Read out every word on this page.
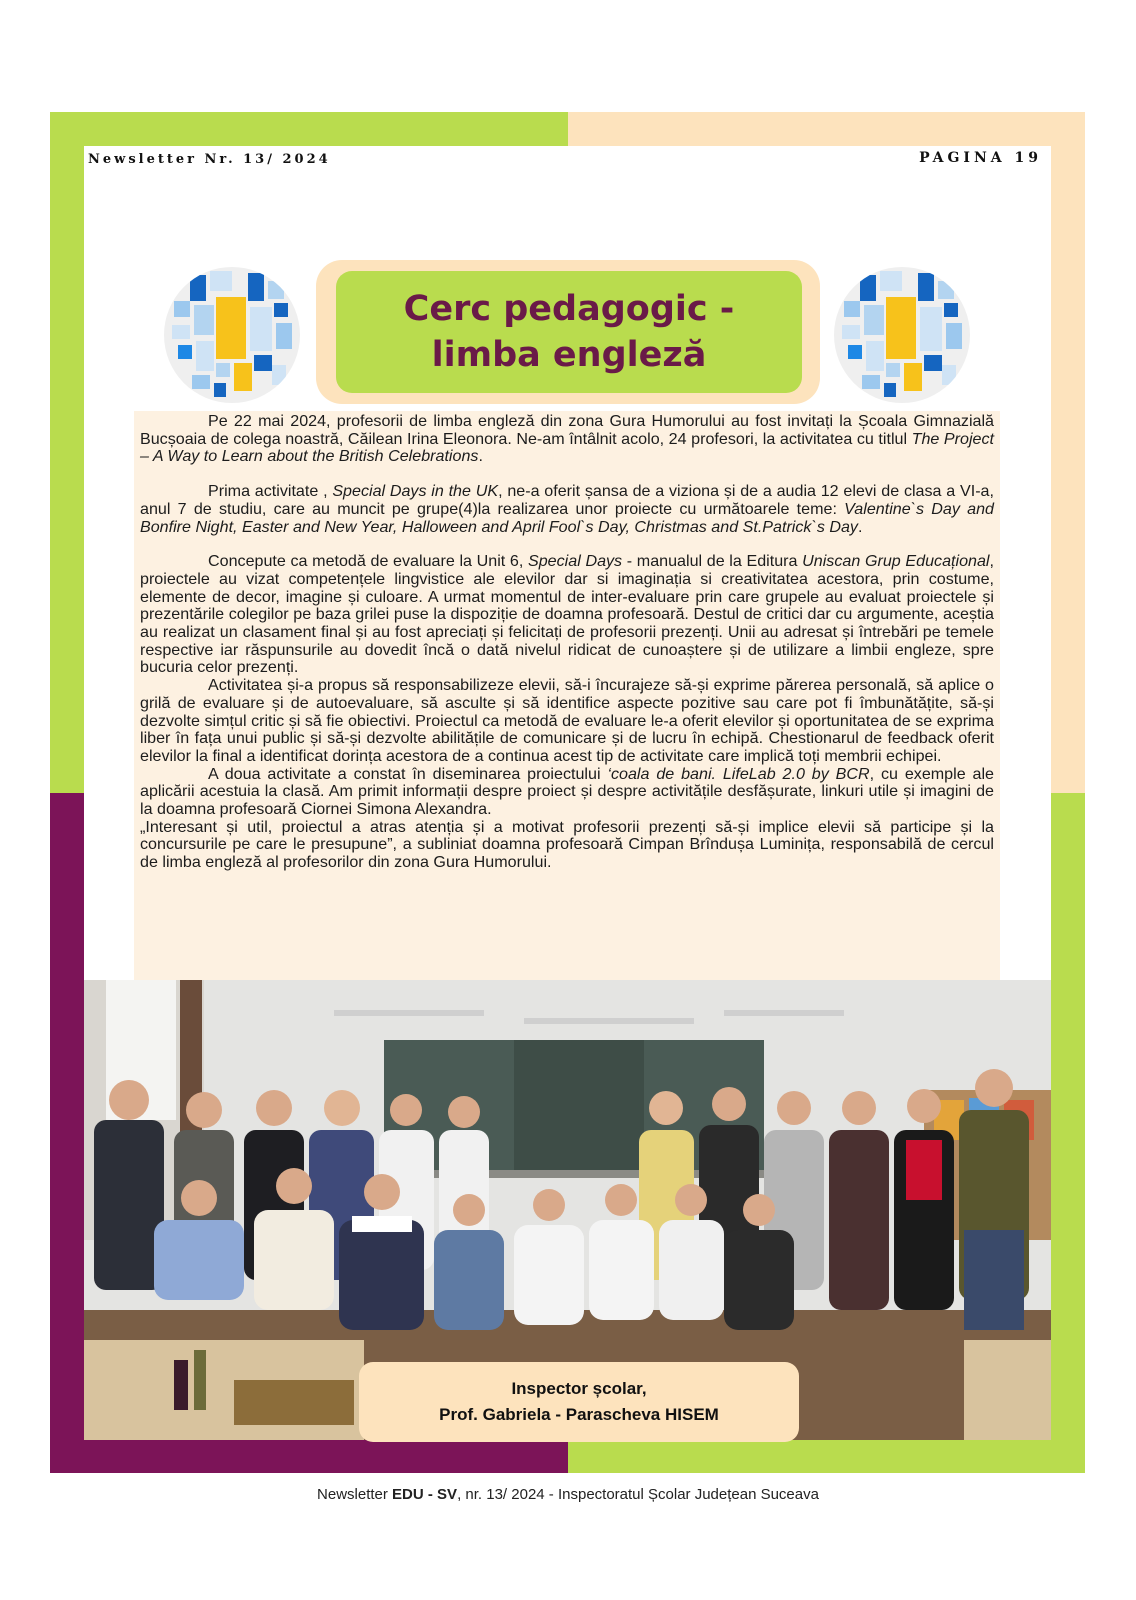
Newsletter Nr. 13/ 2024	PAGINA 19
Cerc pedagogic -
limba engleză

Pe 22 mai 2024, profesorii de limba engleză din zona Gura Humorului au fost invitați la Școala Gimnazială Bucșoaia de colega noastră, Căilean Irina Eleonora. Ne-am întâlnit acolo, 24 profesori, la activitatea cu titlul The Project – A Way to Learn about the British Celebrations.

Prima activitate , Special Days in the UK, ne-a oferit șansa de a viziona și de a audia 12 elevi de clasa a VI-a, anul 7 de studiu, care au muncit pe grupe(4)la realizarea unor proiecte cu următoarele teme: Valentine`s Day and Bonfire Night, Easter and New Year, Halloween and April Fool`s Day, Christmas and St.Patrick`s Day.

Concepute ca metodă de evaluare la Unit 6, Special Days - manualul de la Editura Uniscan Grup Educațional, proiectele au vizat competențele lingvistice ale elevilor dar si imaginația si creativitatea acestora, prin costume, elemente de decor, imagine și culoare. A urmat momentul de inter-evaluare prin care grupele au evaluat proiectele și prezentările colegilor pe baza grilei puse la dispoziție de doamna profesoară. Destul de critici dar cu argumente, aceștia au realizat un clasament final și au fost apreciați și felicitați de profesorii prezenți. Unii au adresat și întrebări pe temele respective iar răspunsurile au dovedit încă o dată nivelul ridicat de cunoaștere și de utilizare a limbii engleze, spre bucuria celor prezenți.

Activitatea și-a propus să responsabilizeze elevii, să-i încurajeze să-și exprime părerea personală, să aplice o grilă de evaluare și de autoevaluare, să asculte și să identifice aspecte pozitive sau care pot fi îmbunătățite, să-și dezvolte simțul critic și să fie obiectivi. Proiectul ca metodă de evaluare le-a oferit elevilor și oportunitatea de se exprima liber în fața unui public și să-și dezvolte abilitățile de comunicare și de lucru în echipă. Chestionarul de feedback oferit elevilor la final a identificat dorința acestora de a continua acest tip de activitate care implică toți membrii echipei.

A doua activitate a constat în diseminarea proiectului ‘coala de bani. LifeLab 2.0 by BCR, cu exemple ale aplicării acestuia la clasă. Am primit informații despre proiect și despre activitățile desfășurate, linkuri utile și imagini de la doamna profesoară Ciornei Simona Alexandra.

„Interesant și util, proiectul a atras atenția și a motivat profesorii prezenți să-și implice elevii să participe și la concursurile pe care le presupune”, a subliniat doamna profesoară Cimpan Brîndușa Luminița, responsabilă de cercul de limba engleză al profesorilor din zona Gura Humorului.

Inspector școlar,
Prof. Gabriela - Parascheva HISEM
Newsletter EDU - SV, nr. 13/ 2024 - Inspectoratul Școlar Județean Suceava
